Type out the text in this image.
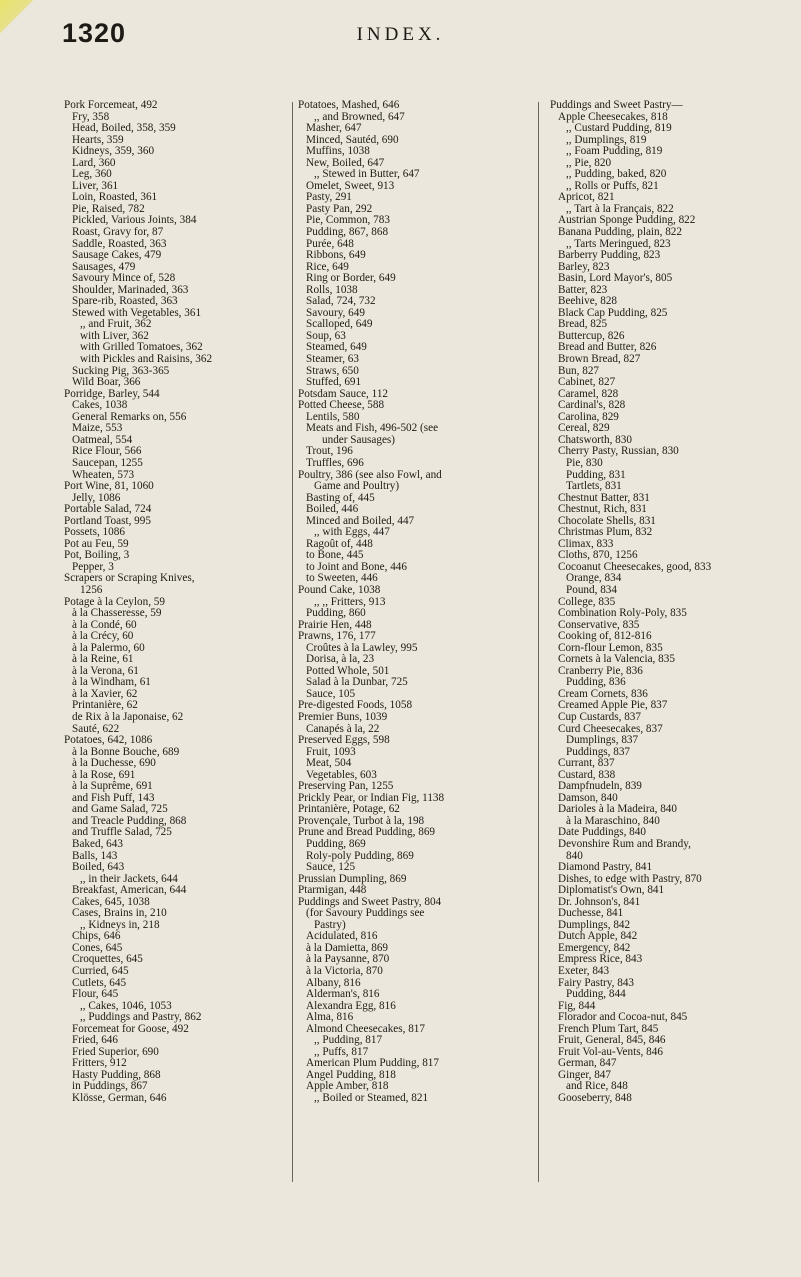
1320	INDEX.
Pork Forcemeat, 492
Fry, 358
Head, Boiled, 358, 359
Hearts, 359
Kidneys, 359, 360
Lard, 360
Leg, 360
Liver, 361
Loin, Roasted, 361
Pie, Raised, 782
Pickled, Various Joints, 384
Roast, Gravy for, 87
Saddle, Roasted, 363
Sausage Cakes, 479
Sausages, 479
Savoury Mince of, 528
Shoulder, Marinaded, 363
Spare-rib, Roasted, 363
Stewed with Vegetables, 361
,, and Fruit, 362
with Liver, 362
with Grilled Tomatoes, 362
with Pickles and Raisins, 362
Sucking Pig, 363-365
Wild Boar, 366
Porridge, Barley, 544
Cakes, 1038
General Remarks on, 556
Maize, 553
Oatmeal, 554
Rice Flour, 566
Saucepan, 1255
Wheaten, 573
Port Wine, 81, 1060
Jelly, 1086
Portable Salad, 724
Portland Toast, 995
Possets, 1086
Pot au Feu, 59
Pot, Boiling, 3
Pepper, 3
Scrapers or Scraping Knives,
1256
Potage à la Ceylon, 59
à la Chasseresse, 59
à la Condé, 60
à la Crécy, 60
à la Palermo, 60
à la Reine, 61
à la Verona, 61
à la Windham, 61
à la Xavier, 62
Printanière, 62
de Rix à la Japonaise, 62
Sauté, 622
Potatoes, 642, 1086
à la Bonne Bouche, 689
à la Duchesse, 690
à la Rose, 691
à la Suprême, 691
and Fish Puff, 143
and Game Salad, 725
and Treacle Pudding, 868
and Truffle Salad, 725
Baked, 643
Balls, 143
Boiled, 643
,, in their Jackets, 644
Breakfast, American, 644
Cakes, 645, 1038
Cases, Brains in, 210
,, Kidneys in, 218
Chips, 646
Cones, 645
Croquettes, 645
Curried, 645
Cutlets, 645
Flour, 645
,, Cakes, 1046, 1053
,, Puddings and Pastry, 862
Forcemeat for Goose, 492
Fried, 646
Fried Superior, 690
Fritters, 912
Hasty Pudding, 868
in Puddings, 867
Klösse, German, 646
Potatoes, Mashed, 646
,, and Browned, 647
Masher, 647
Minced, Sautéd, 690
Muffins, 1038
New, Boiled, 647
,, Stewed in Butter, 647
Omelet, Sweet, 913
Pasty, 291
Pasty Pan, 292
Pie, Common, 783
Pudding, 867, 868
Purée, 648
Ribbons, 649
Rice, 649
Ring or Border, 649
Rolls, 1038
Salad, 724, 732
Savoury, 649
Scalloped, 649
Soup, 63
Steamed, 649
Steamer, 63
Straws, 650
Stuffed, 691
Potsdam Sauce, 112
Potted Cheese, 588
Lentils, 580
Meats and Fish, 496-502 (see
under Sausages)
Trout, 196
Truffles, 696
Poultry, 386 (see also Fowl, and
Game and Poultry)
Basting of, 445
Boiled, 446
Minced and Boiled, 447
,, with Eggs, 447
Ragoût of, 448
to Bone, 445
to Joint and Bone, 446
to Sweeten, 446
Pound Cake, 1038
,, ,, Fritters, 913
Pudding, 860
Prairie Hen, 448
Prawns, 176, 177
Croûtes à la Lawley, 995
Dorisa, à la, 23
Potted Whole, 501
Salad à la Dunbar, 725
Sauce, 105
Pre-digested Foods, 1058
Premier Buns, 1039
Canapés à la, 22
Preserved Eggs, 598
Fruit, 1093
Meat, 504
Vegetables, 603
Preserving Pan, 1255
Prickly Pear, or Indian Fig, 1138
Printanière, Potage, 62
Provençale, Turbot à la, 198
Prune and Bread Pudding, 869
Pudding, 869
Roly-poly Pudding, 869
Sauce, 125
Prussian Dumpling, 869
Ptarmigan, 448
Puddings and Sweet Pastry, 804
(for Savoury Puddings see
Pastry)
Acidulated, 816
à la Damietta, 869
à la Paysanne, 870
à la Victoria, 870
Albany, 816
Alderman's, 816
Alexandra Egg, 816
Alma, 816
Almond Cheesecakes, 817
,, Pudding, 817
,, Puffs, 817
American Plum Pudding, 817
Angel Pudding, 818
Apple Amber, 818
,, Boiled or Steamed, 821
Puddings and Sweet Pastry—
Apple Cheesecakes, 818
,, Custard Pudding, 819
,, Dumplings, 819
,, Foam Pudding, 819
,, Pie, 820
,, Pudding, baked, 820
,, Rolls or Puffs, 821
Apricot, 821
,, Tart à la Français, 822
Austrian Sponge Pudding, 822
Banana Pudding, plain, 822
,, Tarts Meringued, 823
Barberry Pudding, 823
Barley, 823
Basin, Lord Mayor's, 805
Batter, 823
Beehive, 828
Black Cap Pudding, 825
Bread, 825
Buttercup, 826
Bread and Butter, 826
Brown Bread, 827
Bun, 827
Cabinet, 827
Caramel, 828
Cardinal's, 828
Carolina, 829
Cereal, 829
Chatsworth, 830
Cherry Pasty, Russian, 830
Pie, 830
Pudding, 831
Tartlets, 831
Chestnut Batter, 831
Chestnut, Rich, 831
Chocolate Shells, 831
Christmas Plum, 832
Climax, 833
Cloths, 870, 1256
Cocoanut Cheesecakes, good, 833
Orange, 834
Pound, 834
College, 835
Combination Roly-Poly, 835
Conservative, 835
Cooking of, 812-816
Corn-flour Lemon, 835
Cornets à la Valencia, 835
Cranberry Pie, 836
Pudding, 836
Cream Cornets, 836
Creamed Apple Pie, 837
Cup Custards, 837
Curd Cheesecakes, 837
Dumplings, 837
Puddings, 837
Currant, 837
Custard, 838
Dampfnudeln, 839
Damson, 840
Darioles à la Madeira, 840
à la Maraschino, 840
Date Puddings, 840
Devonshire Rum and Brandy,
840
Diamond Pastry, 841
Dishes, to edge with Pastry, 870
Diplomatist's Own, 841
Dr. Johnson's, 841
Duchesse, 841
Dumplings, 842
Dutch Apple, 842
Emergency, 842
Empress Rice, 843
Exeter, 843
Fairy Pastry, 843
Pudding, 844
Fig, 844
Florador and Cocoa-nut, 845
French Plum Tart, 845
Fruit, General, 845, 846
Fruit Vol-au-Vents, 846
German, 847
Ginger, 847
and Rice, 848
Gooseberry, 848
